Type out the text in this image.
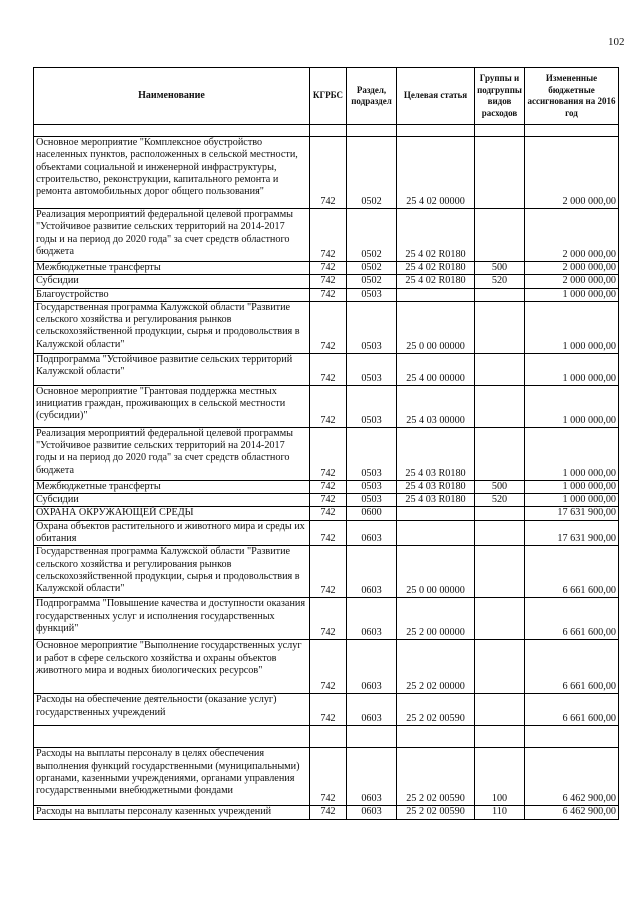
102
Наименование	КГРБС	Раздел, подраздел	Целевая статья	Группы и подгруппы видов расходов	Измененные бюджетные ассигнования на 2016 год

Основное мероприятие "Комплексное обустройство населенных пунктов, расположенных в сельской местности, объектами социальной и инженерной инфраструктуры, строительство, реконструкции, капитального ремонта и ремонта автомобильных дорог общего пользования"	742	0502	25 4 02 00000		2 000 000,00
Реализация мероприятий федеральной целевой программы "Устойчивое развитие сельских территорий на 2014-2017 годы и на период до 2020 года" за счет средств областного бюджета	742	0502	25 4 02 R0180		2 000 000,00
Межбюджетные трансферты	742	0502	25 4 02 R0180	500	2 000 000,00
Субсидии	742	0502	25 4 02 R0180	520	2 000 000,00
Благоустройство	742	0503			1 000 000,00
Государственная программа Калужской области "Развитие сельского хозяйства и регулирования рынков сельскохозяйственной продукции, сырья и продовольствия в Калужской области"	742	0503	25 0 00 00000		1 000 000,00
Подпрограмма "Устойчивое развитие сельских территорий Калужской области"	742	0503	25 4 00 00000		1 000 000,00
Основное мероприятие "Грантовая поддержка местных инициатив граждан, проживающих в сельской местности (субсидии)"	742	0503	25 4 03 00000		1 000 000,00
Реализация мероприятий федеральной целевой программы "Устойчивое развитие сельских территорий на 2014-2017 годы и на период до 2020 года" за счет средств областного бюджета	742	0503	25 4 03 R0180		1 000 000,00
Межбюджетные трансферты	742	0503	25 4 03 R0180	500	1 000 000,00
Субсидии	742	0503	25 4 03 R0180	520	1 000 000,00
ОХРАНА ОКРУЖАЮЩЕЙ СРЕДЫ	742	0600			17 631 900,00
Охрана объектов растительного и животного мира и среды их обитания	742	0603			17 631 900,00
Государственная программа Калужской области "Развитие сельского хозяйства и регулирования рынков сельскохозяйственной продукции, сырья и продовольствия в Калужской области"	742	0603	25 0 00 00000		6 661 600,00
Подпрограмма "Повышение качества и доступности оказания государственных услуг и исполнения государственных функций"	742	0603	25 2 00 00000		6 661 600,00
Основное мероприятие "Выполнение государственных услуг и работ в сфере сельского хозяйства и охраны объектов животного мира и водных биологических ресурсов"	742	0603	25 2 02 00000		6 661 600,00
Расходы на обеспечение деятельности (оказание услуг) государственных учреждений	742	0603	25 2 02 00590		6 661 600,00

Расходы на выплаты персоналу в целях обеспечения выполнения функций государственными (муниципальными) органами, казенными учреждениями, органами управления государственными внебюджетными фондами	742	0603	25 2 02 00590	100	6 462 900,00
Расходы на выплаты персоналу казенных учреждений	742	0603	25 2 02 00590	110	6 462 900,00
